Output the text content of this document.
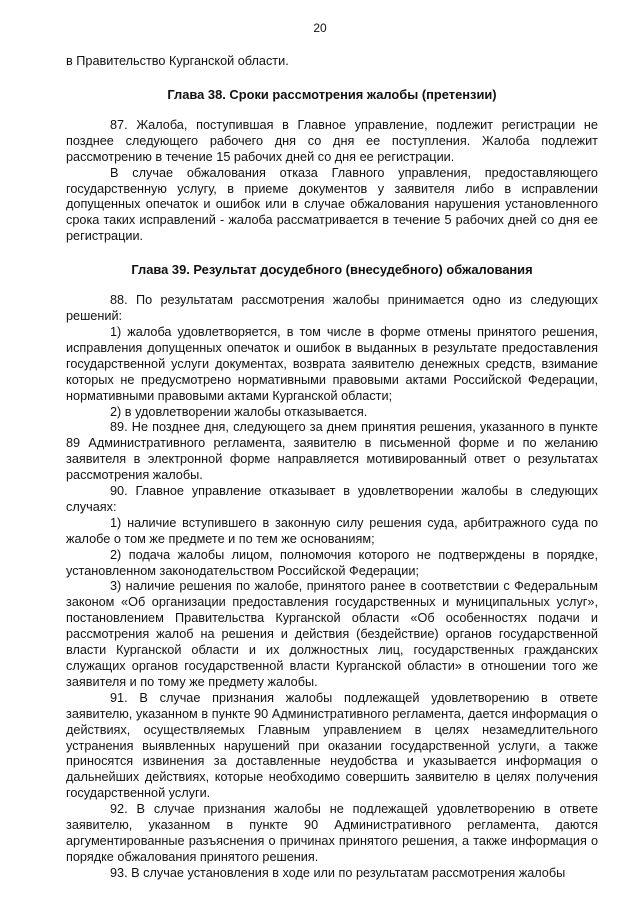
20

в Правительство Курганской области.

Глава 38. Сроки рассмотрения жалобы (претензии)

87. Жалоба, поступившая в Главное управление, подлежит регистрации не позднее следующего рабочего дня со дня ее поступления. Жалоба подлежит рассмотрению в течение 15 рабочих дней со дня ее регистрации.

В случае обжалования отказа Главного управления, предоставляющего государственную услугу, в приеме документов у заявителя либо в исправлении допущенных опечаток и ошибок или в случае обжалования нарушения установленного срока таких исправлений - жалоба рассматривается в течение 5 рабочих дней со дня ее регистрации.

Глава 39. Результат досудебного (внесудебного) обжалования

88. По результатам рассмотрения жалобы принимается одно из следующих решений:

1) жалоба удовлетворяется, в том числе в форме отмены принятого решения, исправления допущенных опечаток и ошибок в выданных в результате предоставления государственной услуги документах, возврата заявителю денежных средств, взимание которых не предусмотрено нормативными правовыми актами Российской Федерации, нормативными правовыми актами Курганской области;

2) в удовлетворении жалобы отказывается.

89. Не позднее дня, следующего за днем принятия решения, указанного в пункте 89 Административного регламента, заявителю в письменной форме и по желанию заявителя в электронной форме направляется мотивированный ответ о результатах рассмотрения жалобы.

90. Главное управление отказывает в удовлетворении жалобы в следующих случаях:

1) наличие вступившего в законную силу решения суда, арбитражного суда по жалобе о том же предмете и по тем же основаниям;

2) подача жалобы лицом, полномочия которого не подтверждены в порядке, установленном законодательством Российской Федерации;

3) наличие решения по жалобе, принятого ранее в соответствии с Федеральным законом «Об организации предоставления государственных и муниципальных услуг», постановлением Правительства Курганской области «Об особенностях подачи и рассмотрения жалоб на решения и действия (бездействие) органов государственной власти Курганской области и их должностных лиц, государственных гражданских служащих органов государственной власти Курганской области» в отношении того же заявителя и по тому же предмету жалобы.

91. В случае признания жалобы подлежащей удовлетворению в ответе заявителю, указанном в пункте 90 Административного регламента, дается информация о действиях, осуществляемых Главным управлением в целях незамедлительного устранения выявленных нарушений при оказании государственной услуги, а также приносятся извинения за доставленные неудобства и указывается информация о дальнейших действиях, которые необходимо совершить заявителю в целях получения государственной услуги.

92. В случае признания жалобы не подлежащей удовлетворению в ответе заявителю, указанном в пункте 90 Административного регламента, даются аргументированные разъяснения о причинах принятого решения, а также информация о порядке обжалования принятого решения.

93. В случае установления в ходе или по результатам рассмотрения жалобы
